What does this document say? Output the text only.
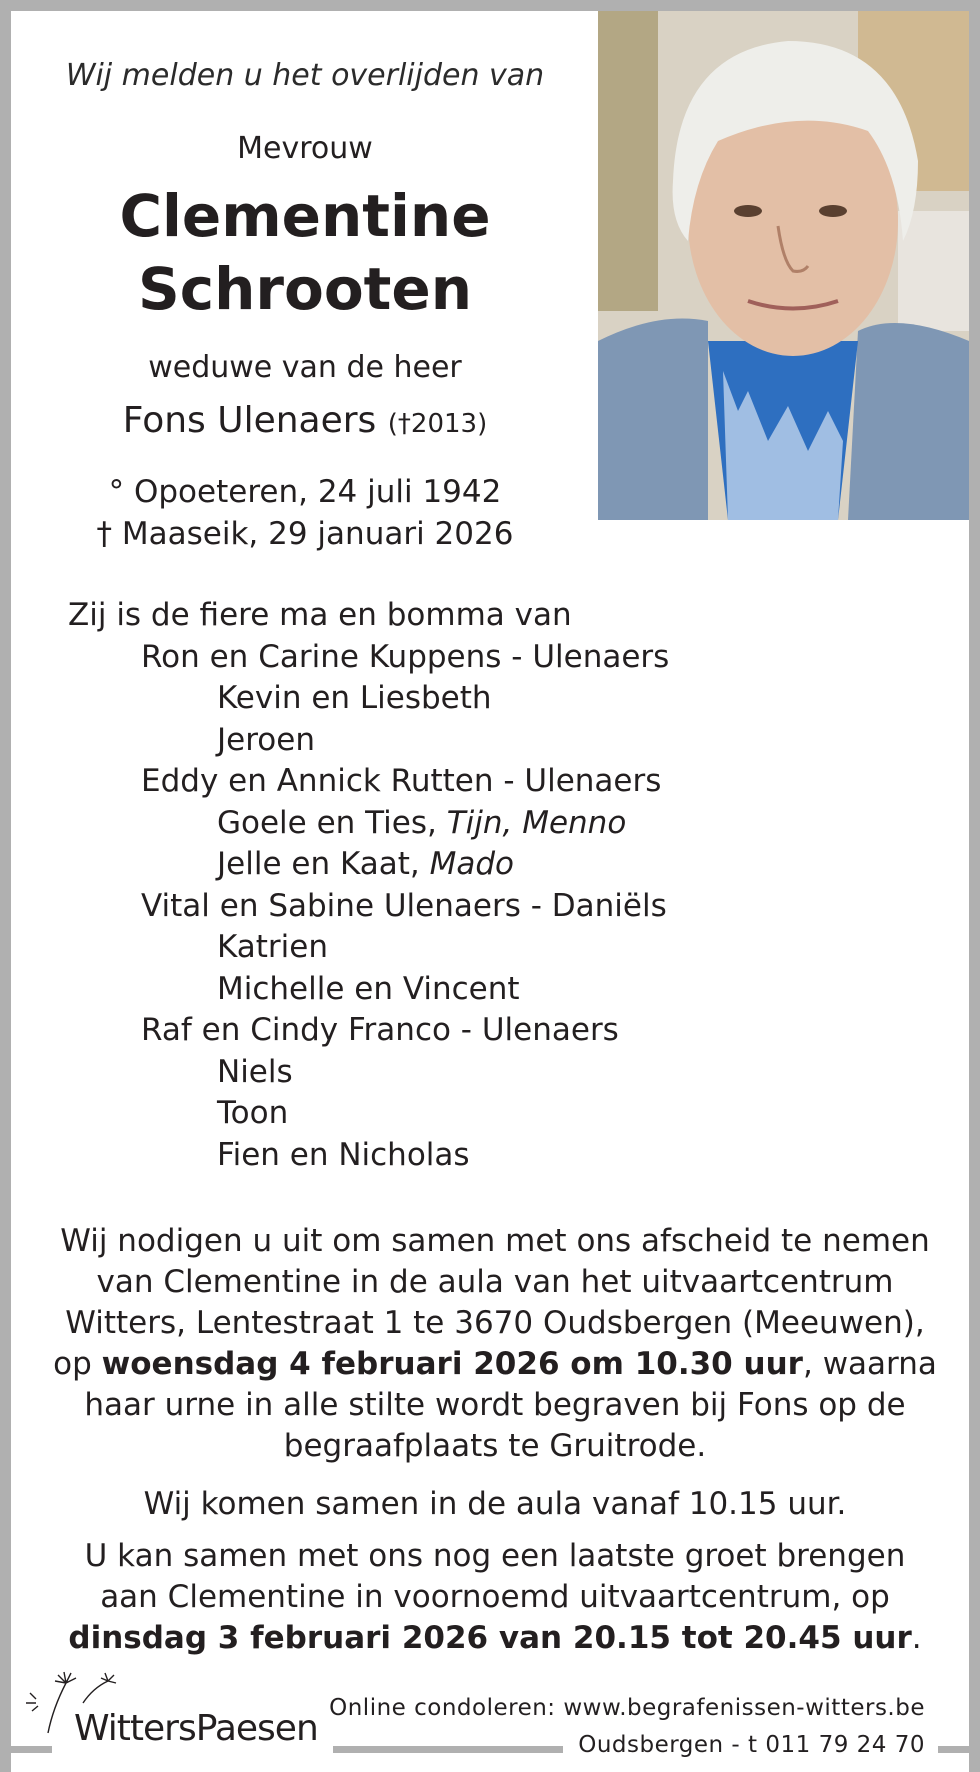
Wij melden u het overlijden van
Mevrouw
Clementine
Schrooten
weduwe van de heer
Fons Ulenaers (†2013)
° Opoeteren, 24 juli 1942
† Maaseik, 29 januari 2026
Zij is de fiere ma en bomma van
Ron en Carine Kuppens - Ulenaers
Kevin en Liesbeth
Jeroen
Eddy en Annick Rutten - Ulenaers
Goele en Ties, Tijn, Menno
Jelle en Kaat, Mado
Vital en Sabine Ulenaers - Daniëls
Katrien
Michelle en Vincent
Raf en Cindy Franco - Ulenaers
Niels
Toon
Fien en Nicholas
Wij nodigen u uit om samen met ons afscheid te nemen
van Clementine in de aula van het uitvaartcentrum
Witters, Lentestraat 1 te 3670 Oudsbergen (Meeuwen),
op woensdag 4 februari 2026 om 10.30 uur, waarna
haar urne in alle stilte wordt begraven bij Fons op de
begraafplaats te Gruitrode.
Wij komen samen in de aula vanaf 10.15 uur.
U kan samen met ons nog een laatste groet brengen
aan Clementine in voornoemd uitvaartcentrum, op
dinsdag 3 februari 2026 van 20.15 tot 20.45 uur.
WittersPaesen Online condoleren: www.begrafenissen-witters.be
Oudsbergen - t 011 79 24 70
